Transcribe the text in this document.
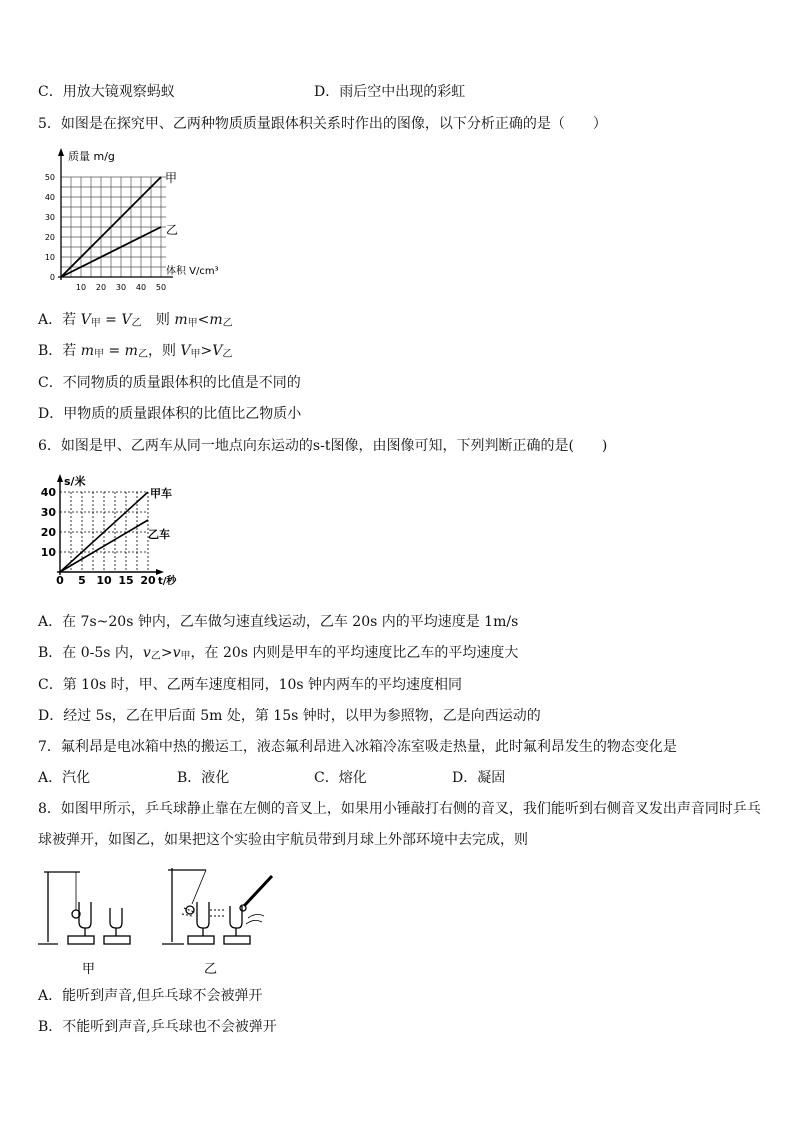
C．用放大镜观察蚂蚁	D．雨后空中出现的彩虹
5．如图是在探究甲、乙两种物质质量跟体积关系时作出的图像，以下分析正确的是（　　）
质量 m/g
50
40
30
20
10
0
10 20 30 40 50
体积 V/cm³
甲
乙
A．若 $V_甲 = V_乙$ 则 $m_甲<m_乙$
B．若 $m_甲 = m_乙$，则 $V_甲>V_乙$
C．不同物质的质量跟体积的比值是不同的
D．甲物质的质量跟体积的比值比乙物质小
6．如图是甲、乙两车从同一地点向东运动的s-t图像，由图像可知，下列判断正确的是(　　)
s/米
40
30
20
10
0 5 10 15 20 t/秒
甲车
乙车
A．在 7s~20s 钟内，乙车做匀速直线运动，乙车 20s 内的平均速度是 1m/s
B．在 0-5s 内，$v_乙>v_甲$，在 20s 内则是甲车的平均速度比乙车的平均速度大
C．第 10s 时，甲、乙两车速度相同，10s 钟内两车的平均速度相同
D．经过 5s，乙在甲后面 5m 处，第 15s 钟时，以甲为参照物，乙是向西运动的
7．氟利昂是电冰箱中热的搬运工，液态氟利昂进入冰箱冷冻室吸走热量，此时氟利昂发生的物态变化是
A．汽化	B．液化	C．熔化	D．凝固
8．如图甲所示，乒乓球静止靠在左侧的音叉上，如果用小锤敲打右侧的音叉，我们能听到右侧音叉发出声音同时乒乓
球被弹开，如图乙，如果把这个实验由宇航员带到月球上外部环境中去完成，则
甲	乙
A．能听到声音,但乒乓球不会被弹开
B．不能听到声音,乒乓球也不会被弹开
